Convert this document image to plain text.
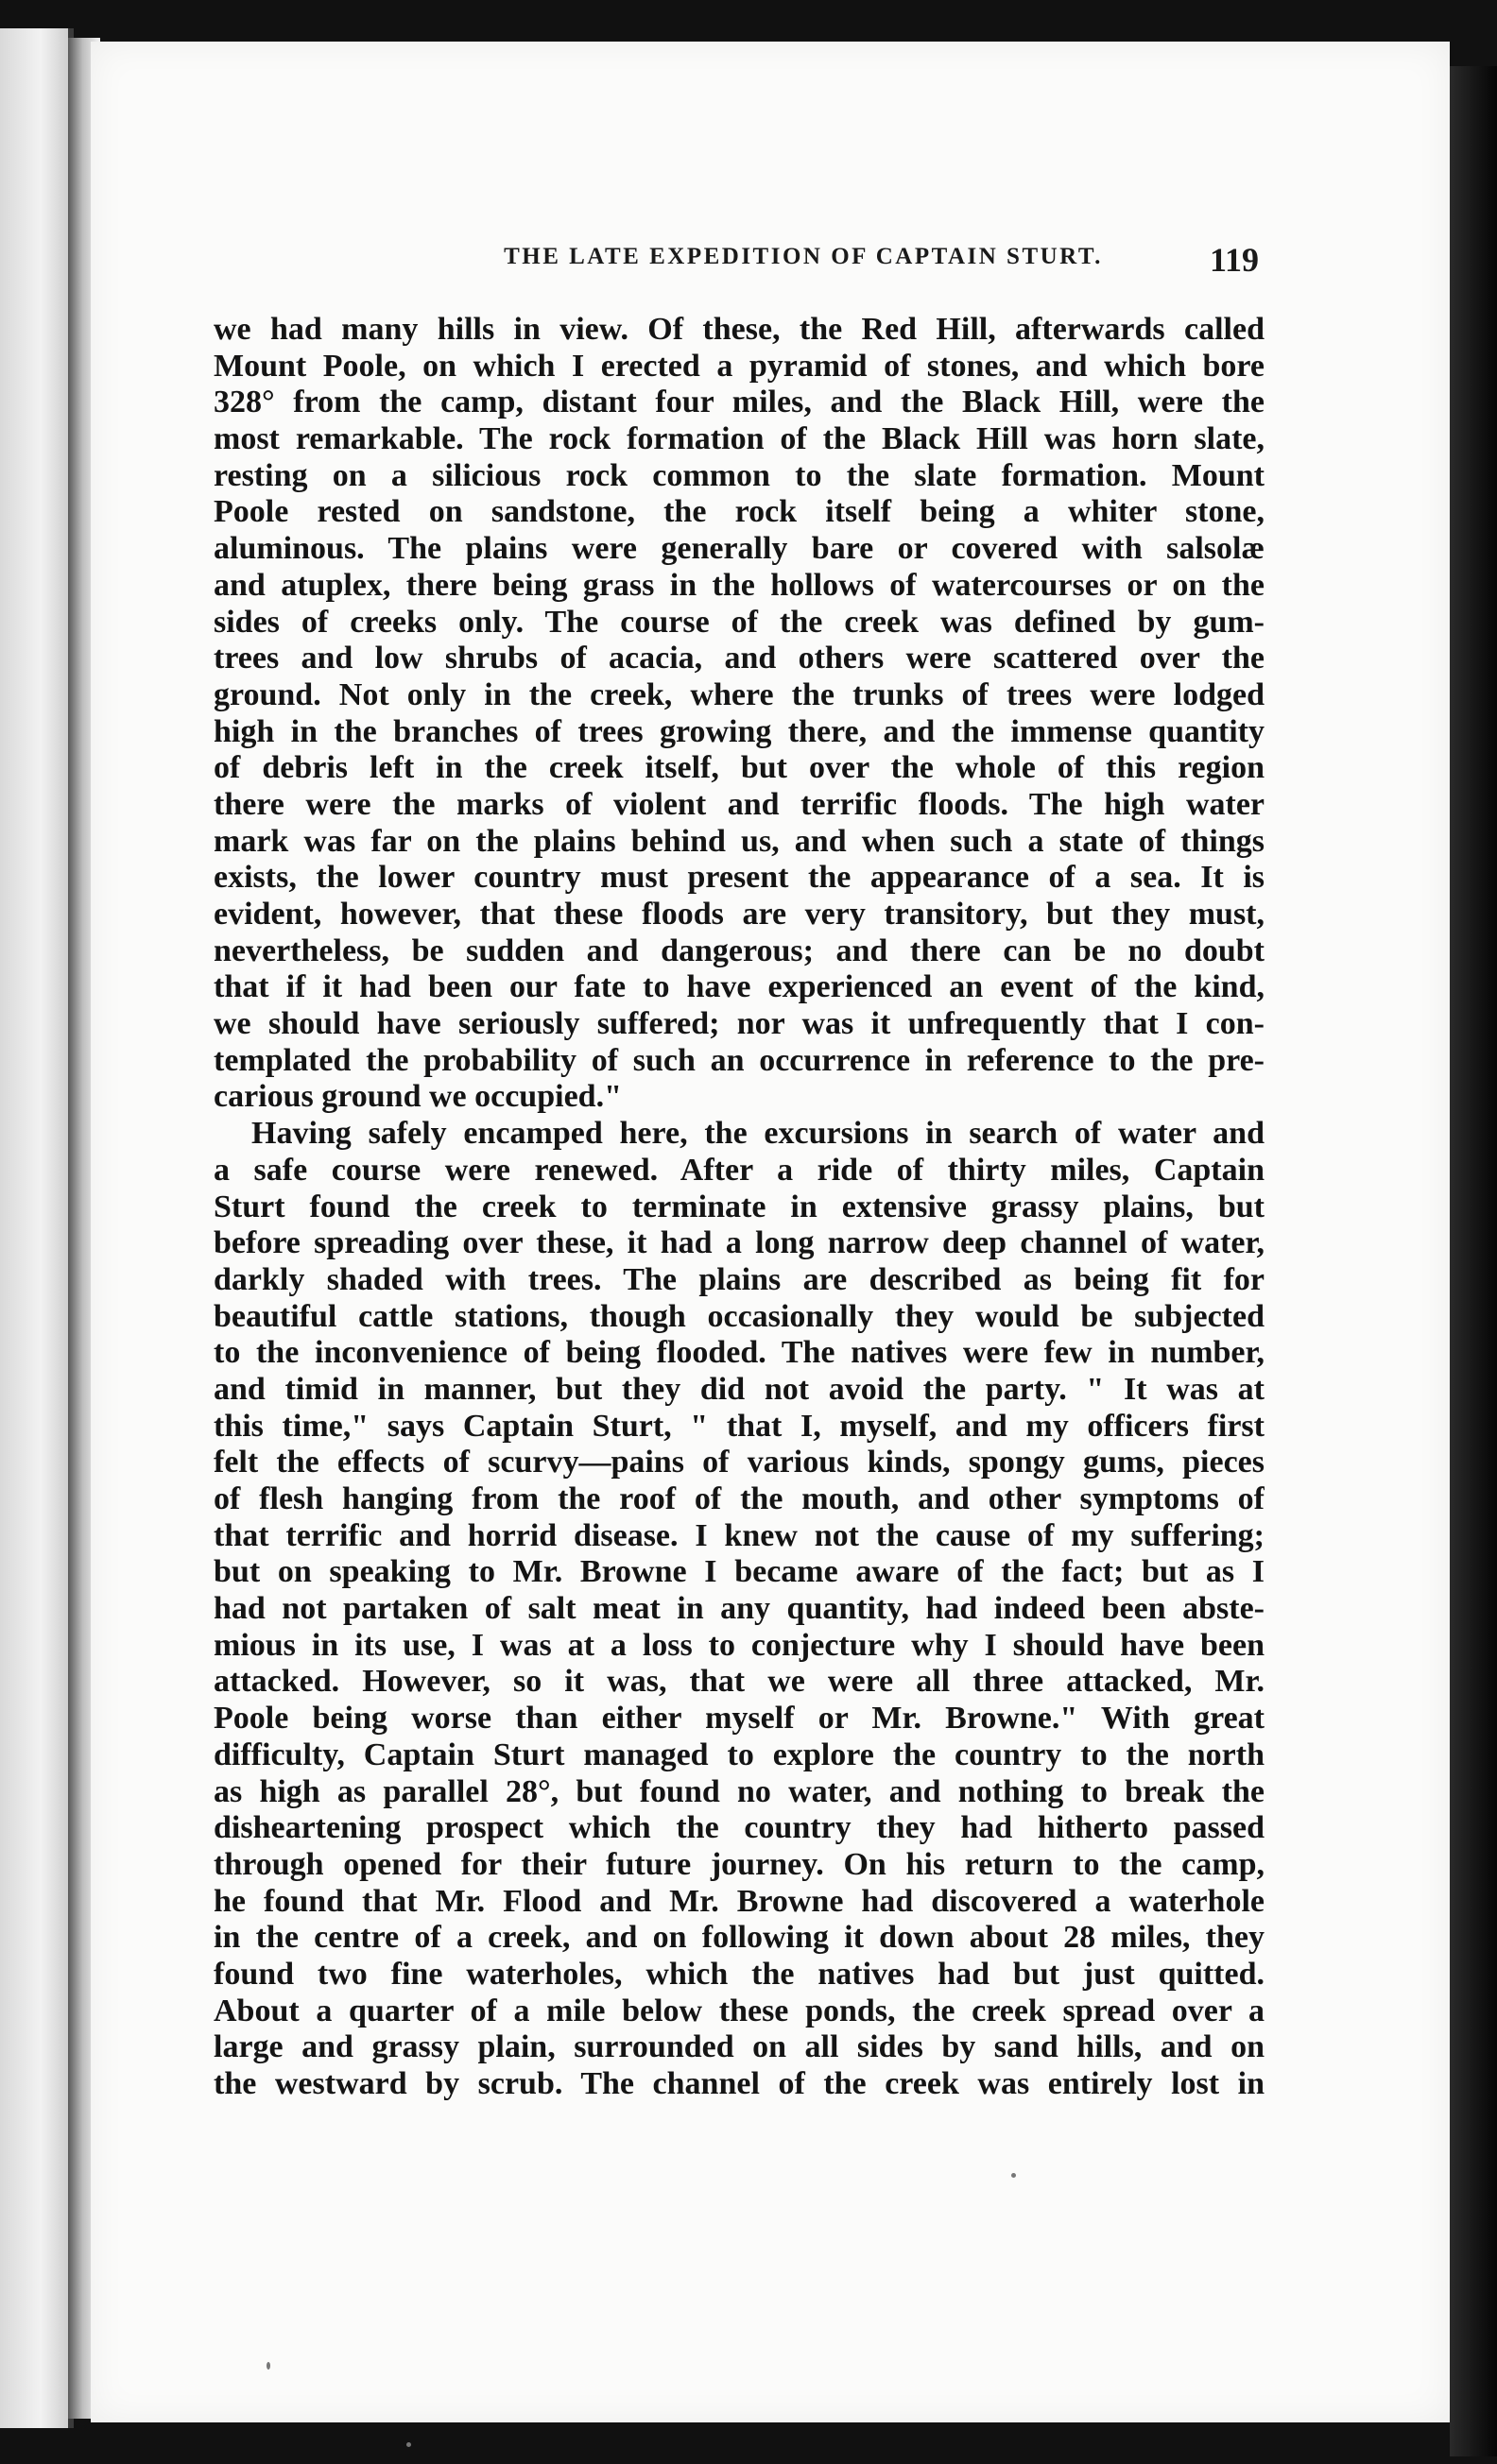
THE LATE EXPEDITION OF CAPTAIN STURT.	119
we had many hills in view. Of these, the Red Hill, afterwards called
Mount Poole, on which I erected a pyramid of stones, and which bore
328° from the camp, distant four miles, and the Black Hill, were the
most remarkable. The rock formation of the Black Hill was horn slate,
resting on a silicious rock common to the slate formation. Mount
Poole rested on sandstone, the rock itself being a whiter stone,
aluminous. The plains were generally bare or covered with salsolæ
and atuplex, there being grass in the hollows of watercourses or on the
sides of creeks only. The course of the creek was defined by gum-
trees and low shrubs of acacia, and others were scattered over the
ground. Not only in the creek, where the trunks of trees were lodged
high in the branches of trees growing there, and the immense quantity
of debris left in the creek itself, but over the whole of this region
there were the marks of violent and terrific floods. The high water
mark was far on the plains behind us, and when such a state of things
exists, the lower country must present the appearance of a sea. It is
evident, however, that these floods are very transitory, but they must,
nevertheless, be sudden and dangerous; and there can be no doubt
that if it had been our fate to have experienced an event of the kind,
we should have seriously suffered; nor was it unfrequently that I con-
templated the probability of such an occurrence in reference to the pre-
carious ground we occupied."
Having safely encamped here, the excursions in search of water and
a safe course were renewed. After a ride of thirty miles, Captain
Sturt found the creek to terminate in extensive grassy plains, but
before spreading over these, it had a long narrow deep channel of water,
darkly shaded with trees. The plains are described as being fit for
beautiful cattle stations, though occasionally they would be subjected
to the inconvenience of being flooded. The natives were few in number,
and timid in manner, but they did not avoid the party. " It was at
this time," says Captain Sturt, " that I, myself, and my officers first
felt the effects of scurvy—pains of various kinds, spongy gums, pieces
of flesh hanging from the roof of the mouth, and other symptoms of
that terrific and horrid disease. I knew not the cause of my suffering;
but on speaking to Mr. Browne I became aware of the fact; but as I
had not partaken of salt meat in any quantity, had indeed been abste-
mious in its use, I was at a loss to conjecture why I should have been
attacked. However, so it was, that we were all three attacked, Mr.
Poole being worse than either myself or Mr. Browne." With great
difficulty, Captain Sturt managed to explore the country to the north
as high as parallel 28°, but found no water, and nothing to break the
disheartening prospect which the country they had hitherto passed
through opened for their future journey. On his return to the camp,
he found that Mr. Flood and Mr. Browne had discovered a waterhole
in the centre of a creek, and on following it down about 28 miles, they
found two fine waterholes, which the natives had but just quitted.
About a quarter of a mile below these ponds, the creek spread over a
large and grassy plain, surrounded on all sides by sand hills, and on
the westward by scrub. The channel of the creek was entirely lost in
